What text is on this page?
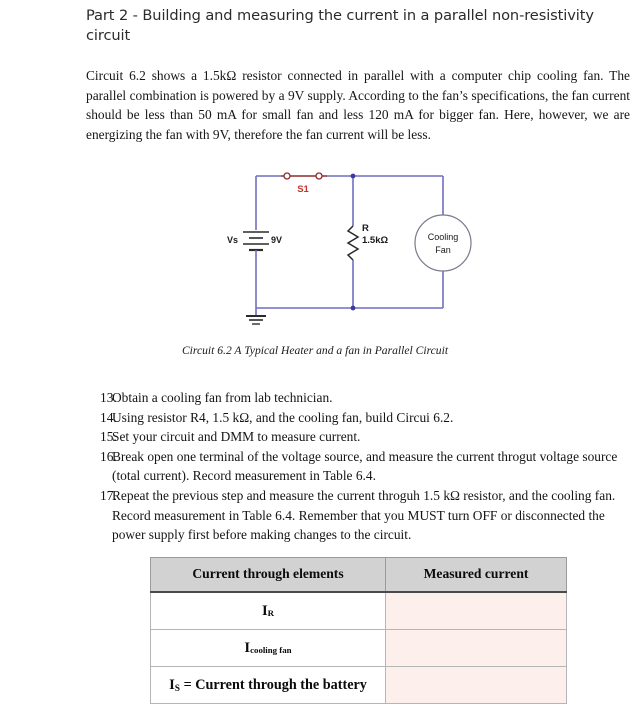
Part 2 - Building and measuring the current in a parallel non-resistivity circuit
Circuit 6.2 shows a 1.5kΩ resistor connected in parallel with a computer chip cooling fan. The parallel combination is powered by a 9V supply. According to the fan’s specifications, the fan current should be less than 50 mA for small fan and less 120 mA for bigger fan. Here, however, we are energizing the fan with 9V, therefore the fan current will be less.
S1
Vs	9V
R
1.5kΩ	Cooling
Fan
Circuit 6.2 A Typical Heater and a fan in Parallel Circuit
13.
Obtain a cooling fan from lab technician.
14.
Using resistor R4, 1.5 kΩ, and the cooling fan, build Circui 6.2.
15.
Set your circuit and DMM to measure current.
16.
Break open one terminal of the voltage source, and measure the current throgut voltage source (total current). Record measurement in Table 6.4.
17.
Repeat the previous step and measure the current throguh 1.5 kΩ resistor, and the cooling fan. Record measurement in Table 6.4. Remember that you MUST turn OFF or disconnected the power supply first before making changes to the circuit.
Current through elements	Measured current
$I_R$	
$I_{cooling fan}$	
$I_S$ = Current through the battery	
